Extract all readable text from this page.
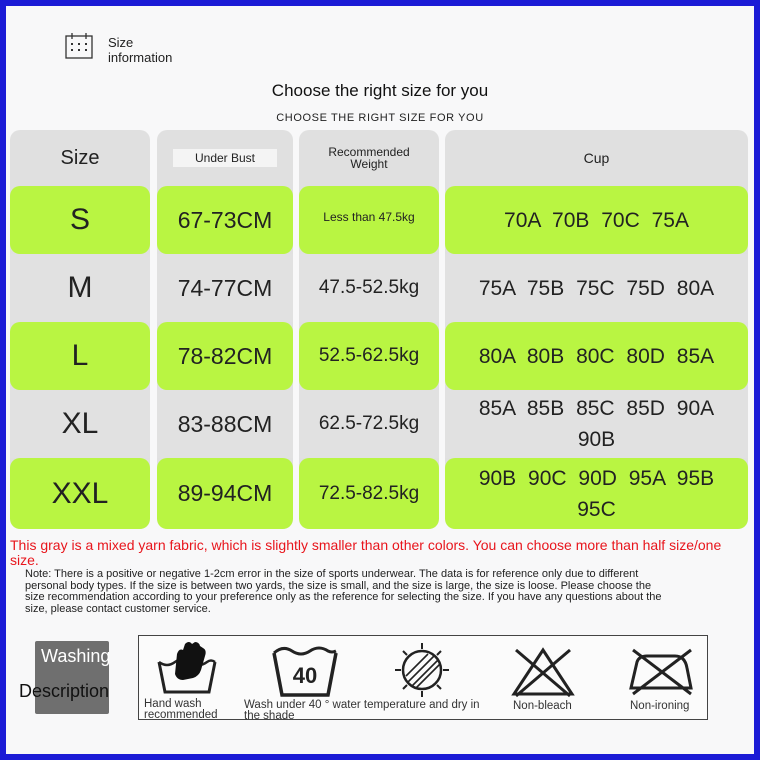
Size
information
Choose the right size for you
CHOOSE THE RIGHT SIZE FOR YOU
Size
S
M
L
XL
XXL
Under Bust
67-73CM
74-77CM
78-82CM
83-88CM
89-94CM
Recommended
Weight
Less than 47.5kg
47.5-52.5kg
52.5-62.5kg
62.5-72.5kg
72.5-82.5kg
Cup
70A 70B 70C 75A
75A 75B 75C 75D 80A
80A 80B 80C 80D 85A
85A 85B 85C 85D 90A 90B
90B 90C 90D 95A 95B 95C
This gray is a mixed yarn fabric, which is slightly smaller than other colors. You can choose more than half size/one size.
Note: There is a positive or negative 1-2cm error in the size of sports underwear. The data is for reference only due to different personal body types. If the size is between two yards, the size is small, and the size is large, the size is loose. Please choose the size recommendation according to your preference only as the reference for selecting the size. If you have any questions about the size, please contact customer service.
Washing
Description
Hand wash
recommended
40
Wash under 40 ° water temperature and dry in
the shade
Non-bleach	Non-ironing
